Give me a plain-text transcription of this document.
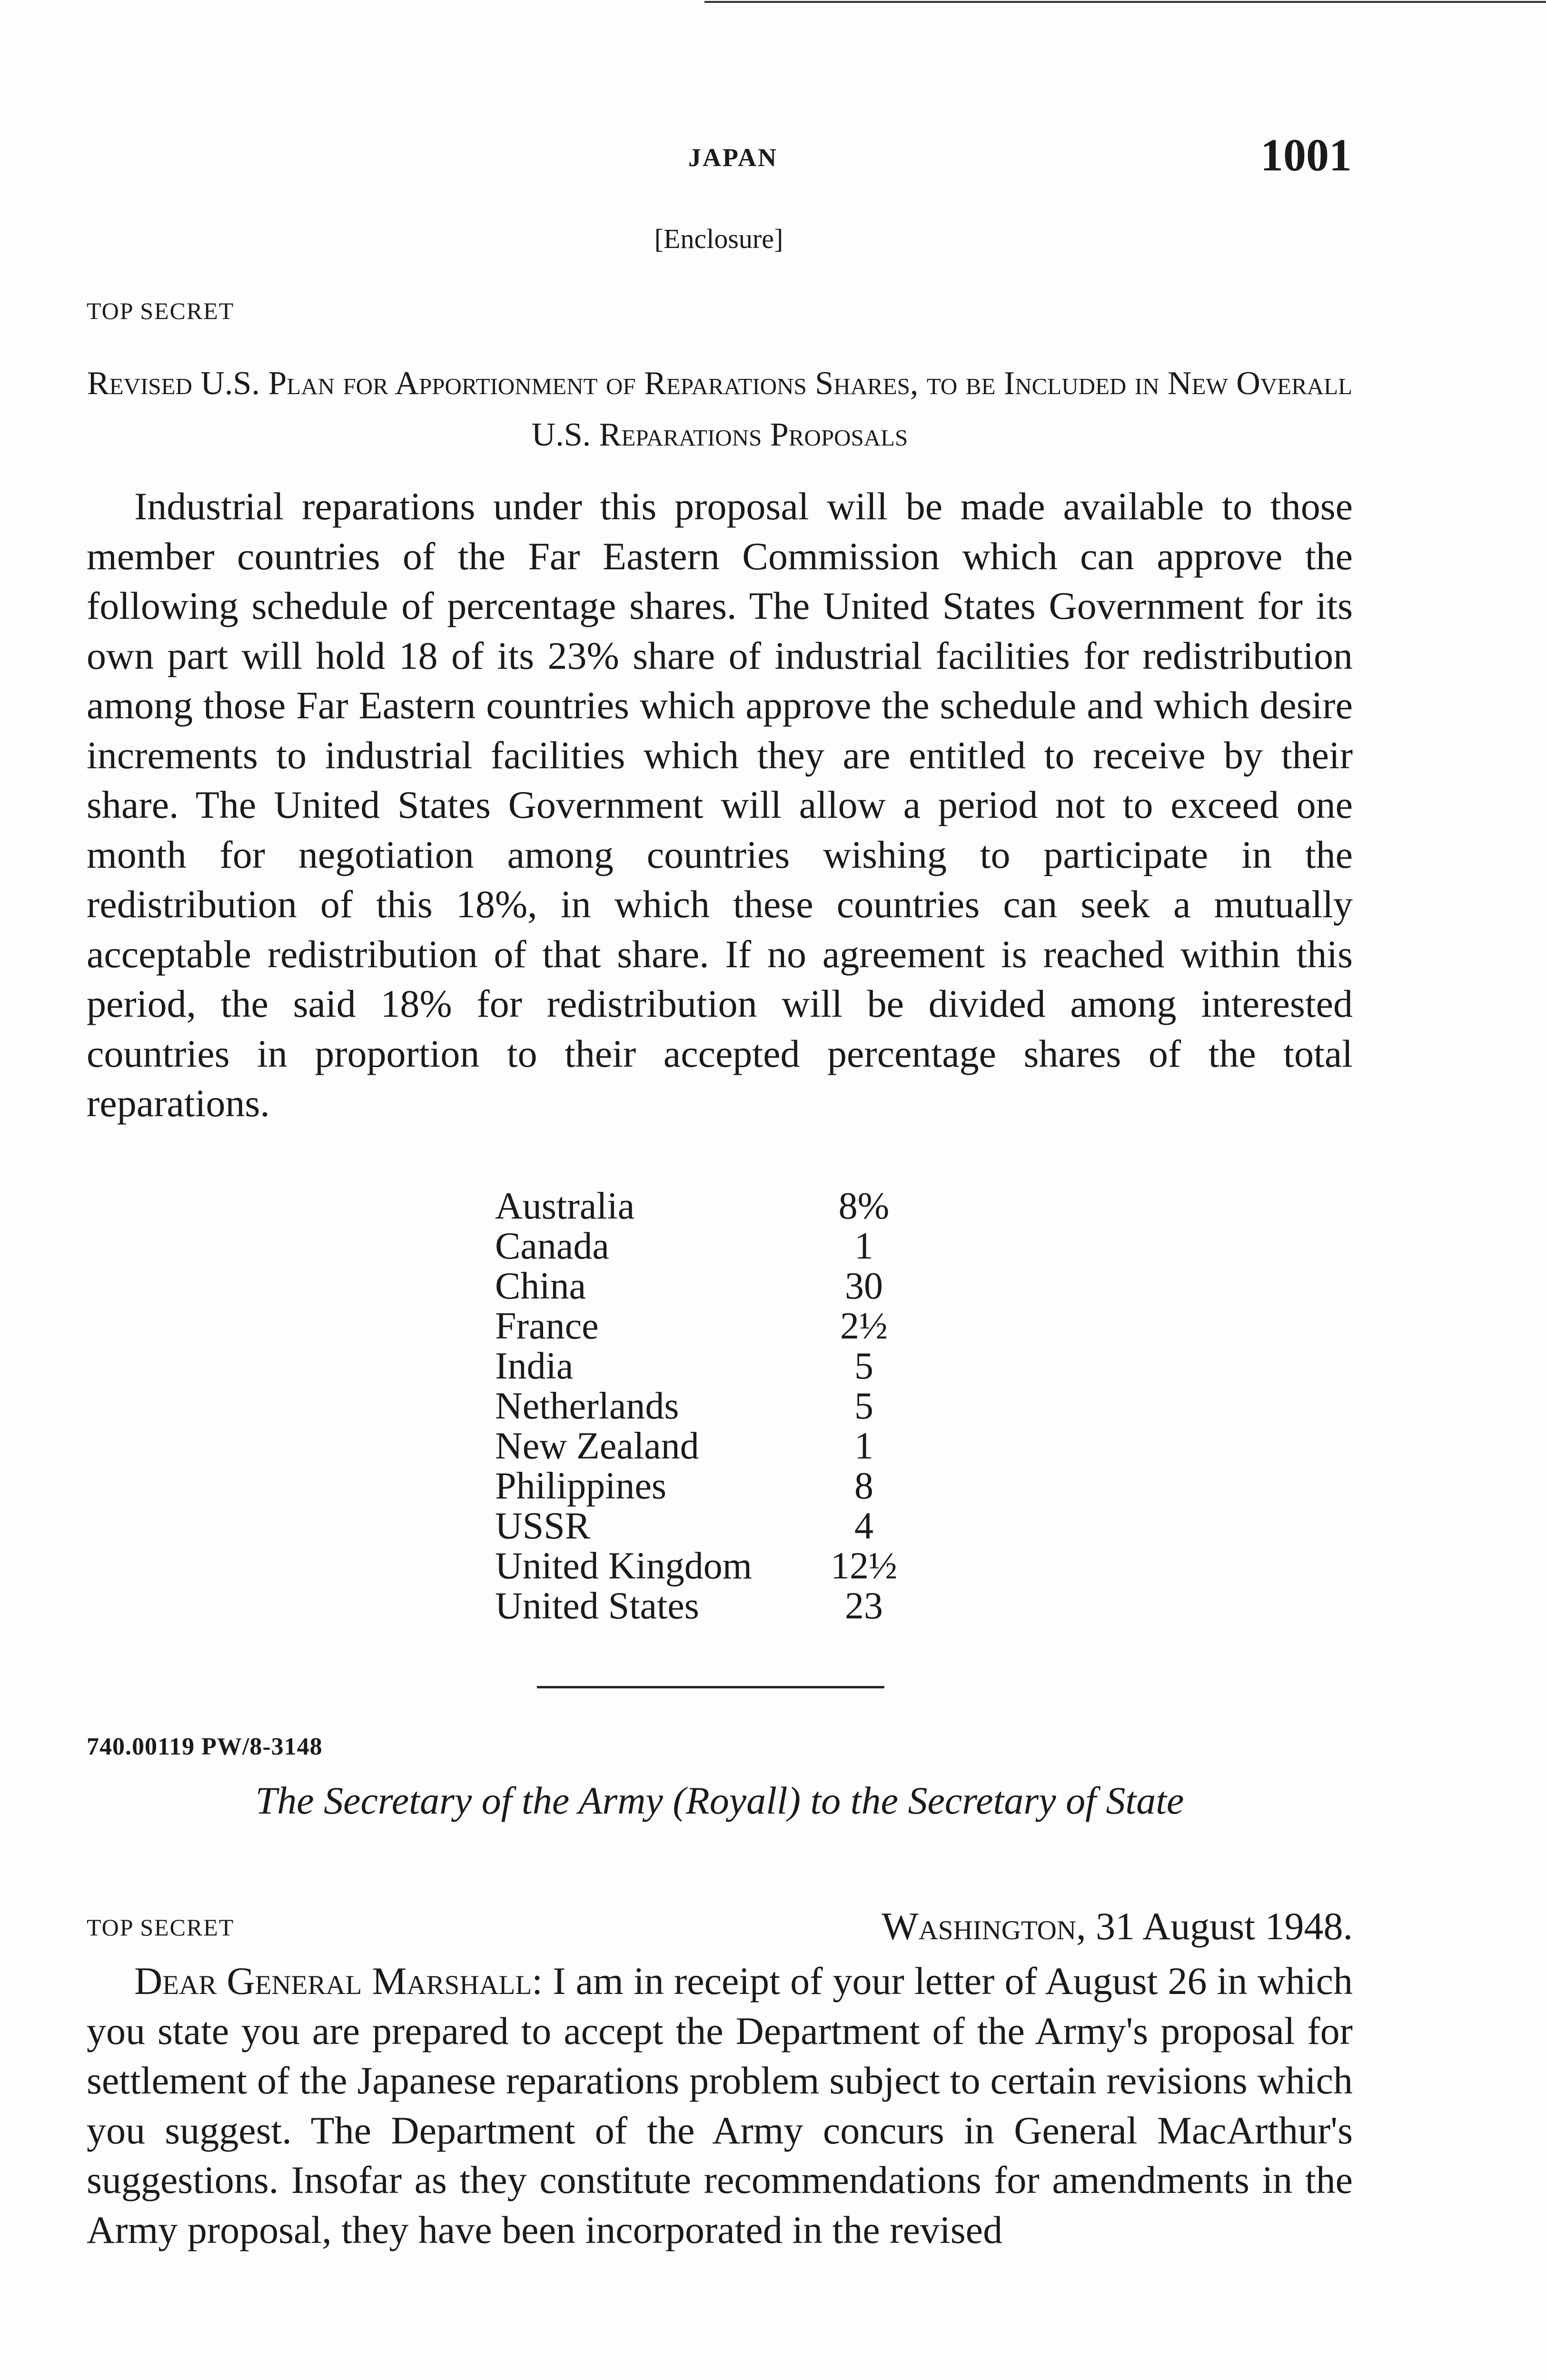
JAPAN	1001
[Enclosure]
TOP SECRET
Revised U.S. Plan for Apportionment of Reparations Shares, to be Included in New Overall U.S. Reparations Proposals
Industrial reparations under this proposal will be made available to those member countries of the Far Eastern Commission which can approve the following schedule of percentage shares. The United States Government for its own part will hold 18 of its 23% share of industrial facilities for redistribution among those Far Eastern countries which approve the schedule and which desire increments to industrial facilities which they are entitled to receive by their share. The United States Government will allow a period not to exceed one month for negotiation among countries wishing to participate in the redistribution of this 18%, in which these countries can seek a mutually acceptable redistribution of that share. If no agreement is reached within this period, the said 18% for redistribution will be divided among interested countries in proportion to their accepted percentage shares of the total reparations.
Australia	8%
Canada	1
China	30
France	2½
India	5
Netherlands	5
New Zealand	1
Philippines	8
USSR	4
United Kingdom	12½
United States	23
740.00119 PW/8-3148
The Secretary of the Army (Royall) to the Secretary of State
TOP SECRET	Washington, 31 August 1948.
Dear General Marshall: I am in receipt of your letter of August 26 in which you state you are prepared to accept the Department of the Army's proposal for settlement of the Japanese reparations problem subject to certain revisions which you suggest. The Department of the Army concurs in General MacArthur's suggestions. Insofar as they constitute recommendations for amendments in the Army proposal, they have been incorporated in the revised
